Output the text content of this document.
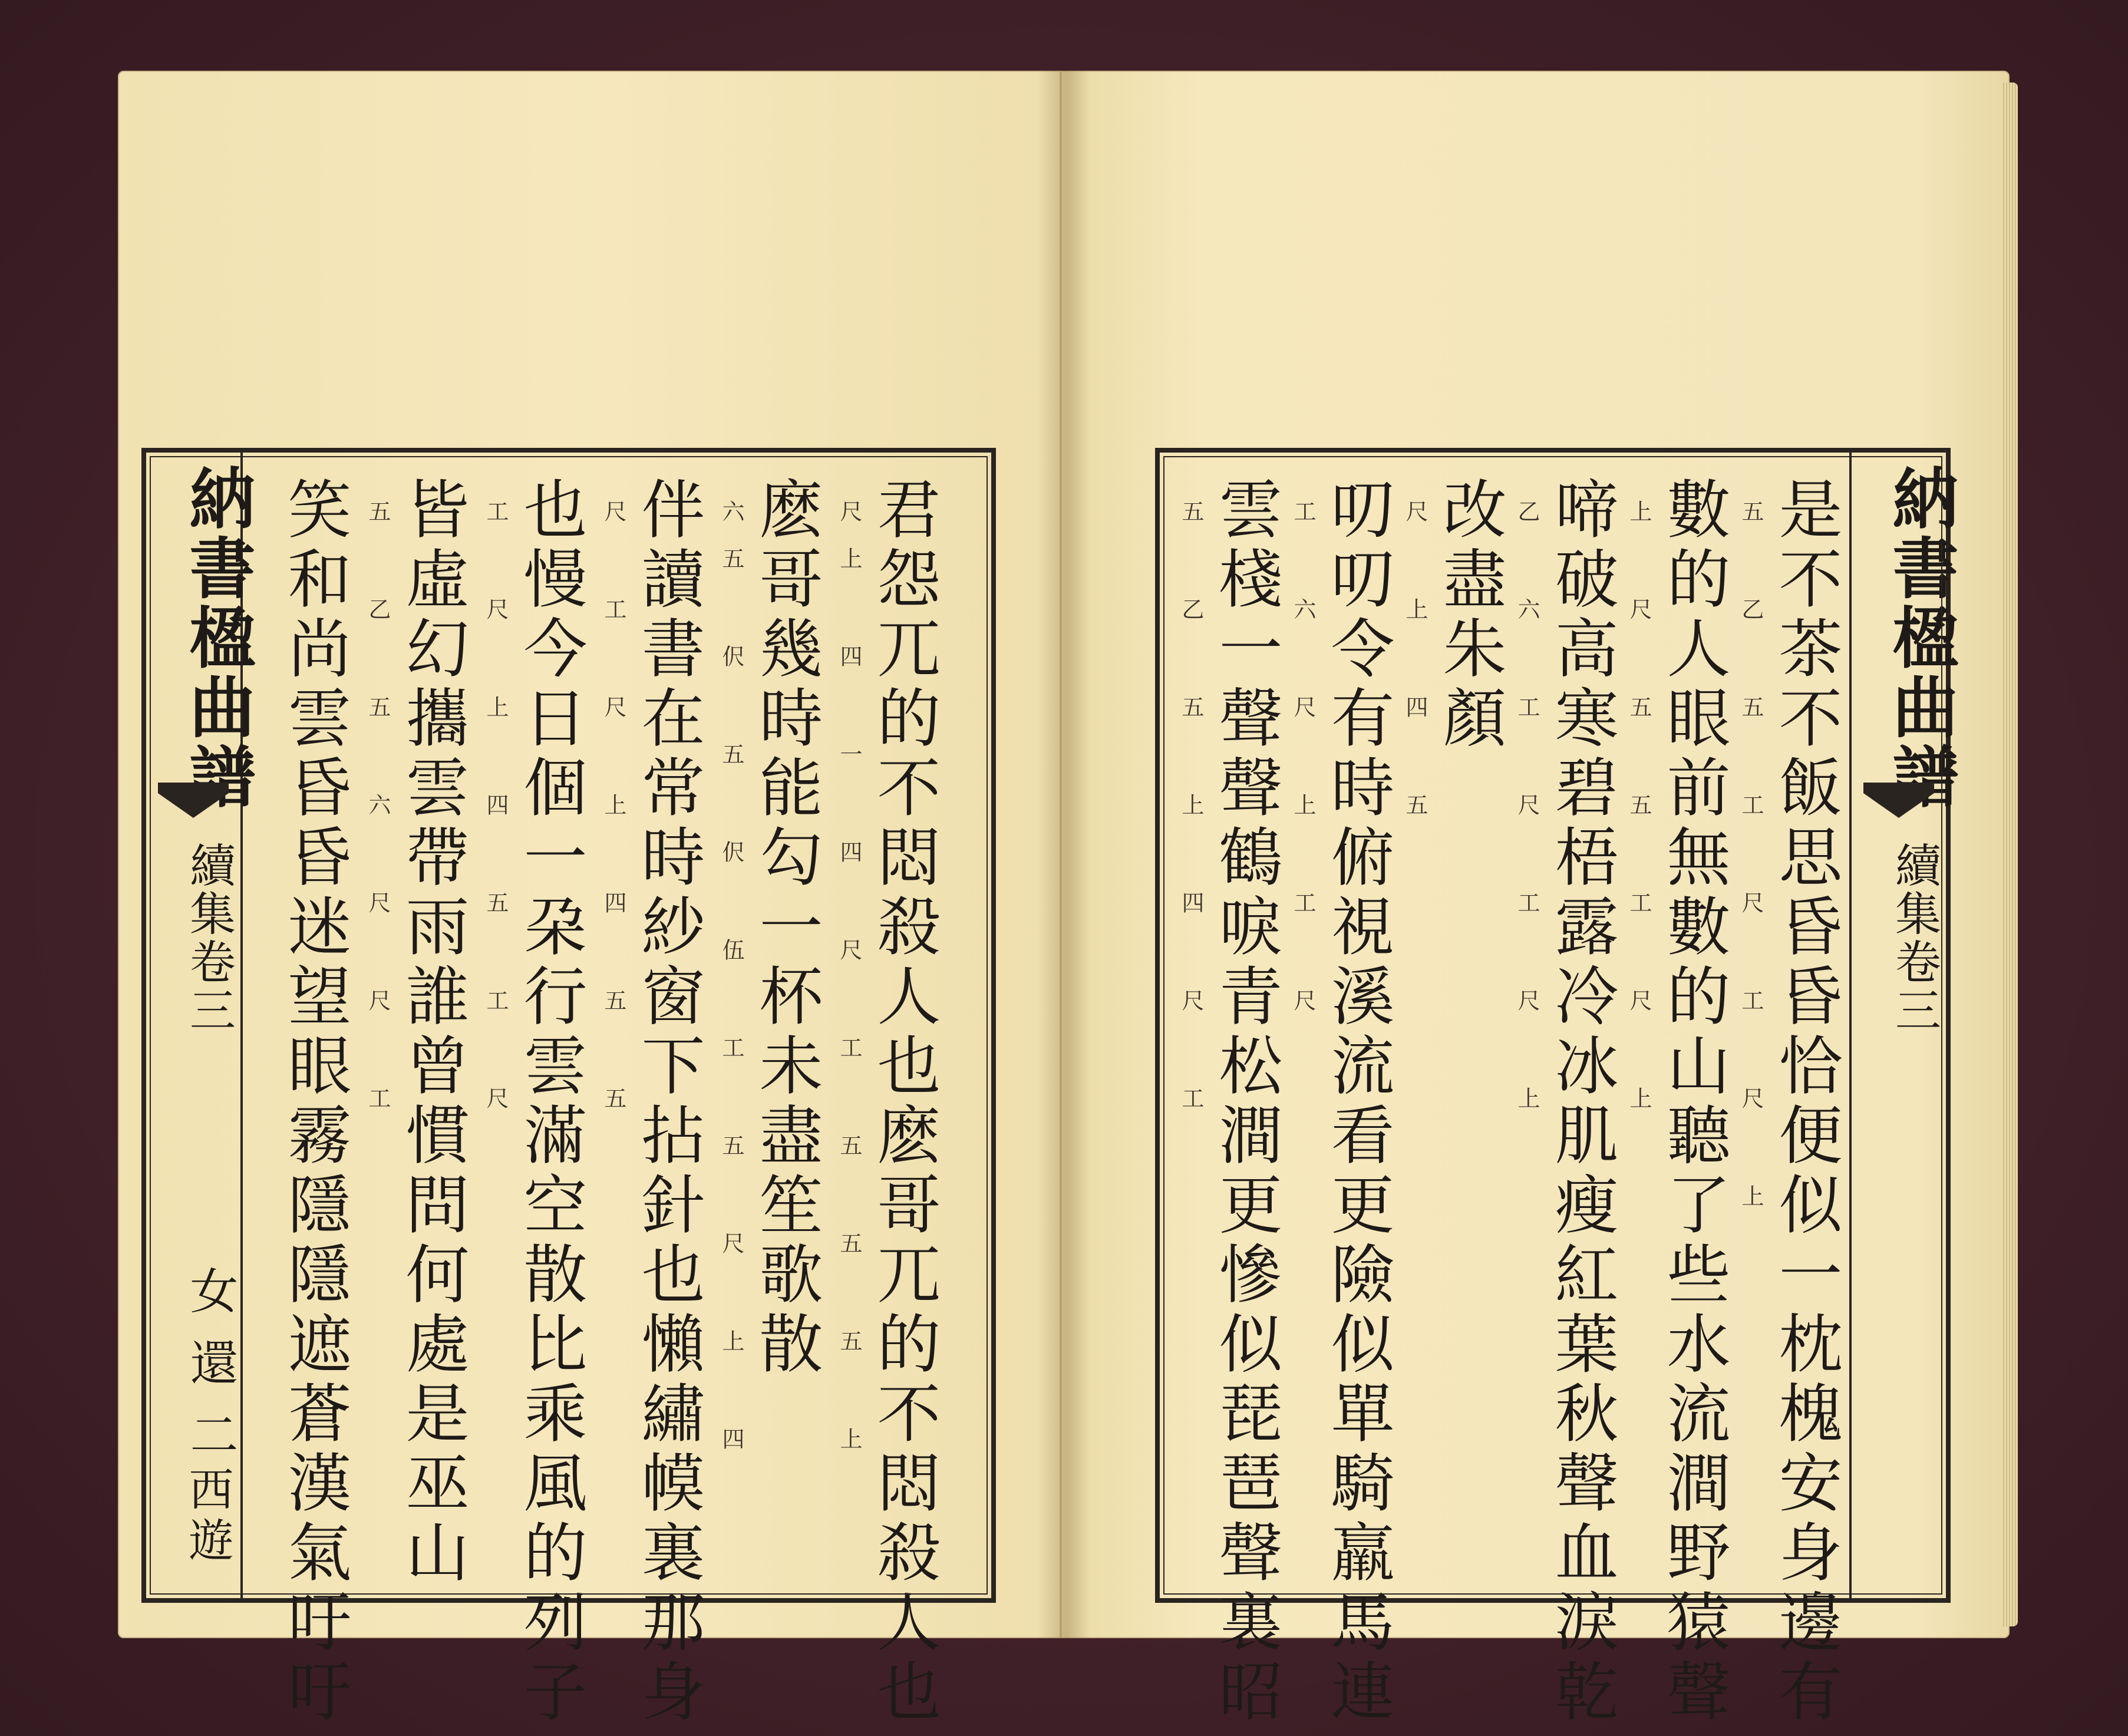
納書楹曲譜
續集卷三
女還二
西遊	君怨兀的不悶殺人也麽哥兀的不悶殺人也
尺上 四 一 四 尺 工 五 五 五 上
麽哥幾時能勾一杯未盡笙歌散
六五 伬 五 伬 伍 工 五 尺 上 四
伴讀書在常時紗窗下拈針也懶繡幙裏那身
尺 工 尺 上 四 五 五
也慢今日個一朶行雲滿空散比乘風的列子
工 尺 上 四 五 工 尺
皆虛幻攜雲帶雨誰曾慣問何處是巫山
五 乙 五 六 尺 尺 工
笑和尚雲昏昏迷望眼霧隱隱遮蒼漢氣吁吁	納書楹曲譜
續集卷三
是不茶不飯思昏昏恰便似一枕槐安身邊有
五 乙 五 工 尺 工 尺 上
數的人眼前無數的山聽了些水流澗野猿聲
上 尺 五 五 工 尺 上
啼破高寒碧梧露冷冰肌瘦紅葉秋聲血淚乾
乙 六 工 尺 工 尺 上
改盡朱顏
尺 上 四 五
叨叨令有時俯視溪流看更險似單騎羸馬連
工 六 尺 上 工 尺
雲棧一聲聲鶴唳青松澗更慘似琵琶聲裏昭
五 乙 五 上 四 尺 工
